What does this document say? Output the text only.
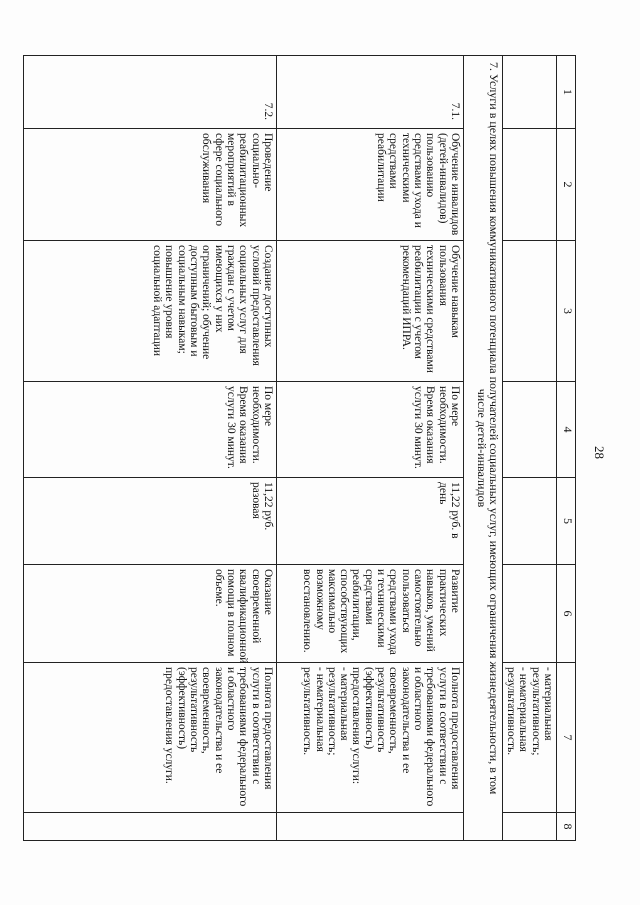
28
1	2	3	4	5	6	7	8
						- материальная результативность;
- нематериальная результативность.	
7. Услуги в целях повышения коммуникативного потенциала получателей социальных услуг, имеющих ограничения жизнедеятельности, в том
числе детей-инвалидов							

7.1.	Обучение инвалидов (детей-инвалидов) пользованию средствами ухода и техническими средствами реабилитации	Обучение навыкам пользования техническими средствами реабилитации с учетом рекомендаций ИПРА.	По мере необходимости. Время оказания услуги 30 минут.	11,22 руб. в день	Развитие практических навыков, умений самостоятельно пользоваться средствами ухода и техническими средствами реабилитации, способствующих максимально возможному восстановлению.	Полнота предоставления услуги в соответствии с требованиями федерального и областного законодательства и ее своевременность, результативность (эффективность) предоставления услуги:
- материальная результативность;
- нематериальная результативность.	
7.2.	Проведение социально-реабилитационных мероприятий в сфере социального обслуживания	Создание доступных условий предоставления социальных услуг для граждан с учетом имеющихся у них ограничений; обучение доступным бытовым и социальным навыкам; повышение уровня социальной адаптации	По мере необходимости. Время оказания услуги 30 минут.	11,22 руб. разовая	Оказание своевременной квалификационной помощи в полном объеме.	Полнота предоставления услуги в соответствии с требованиями федерального и областного законодательства и ее своевременность, результативность (эффективность) предоставления услуги.	
